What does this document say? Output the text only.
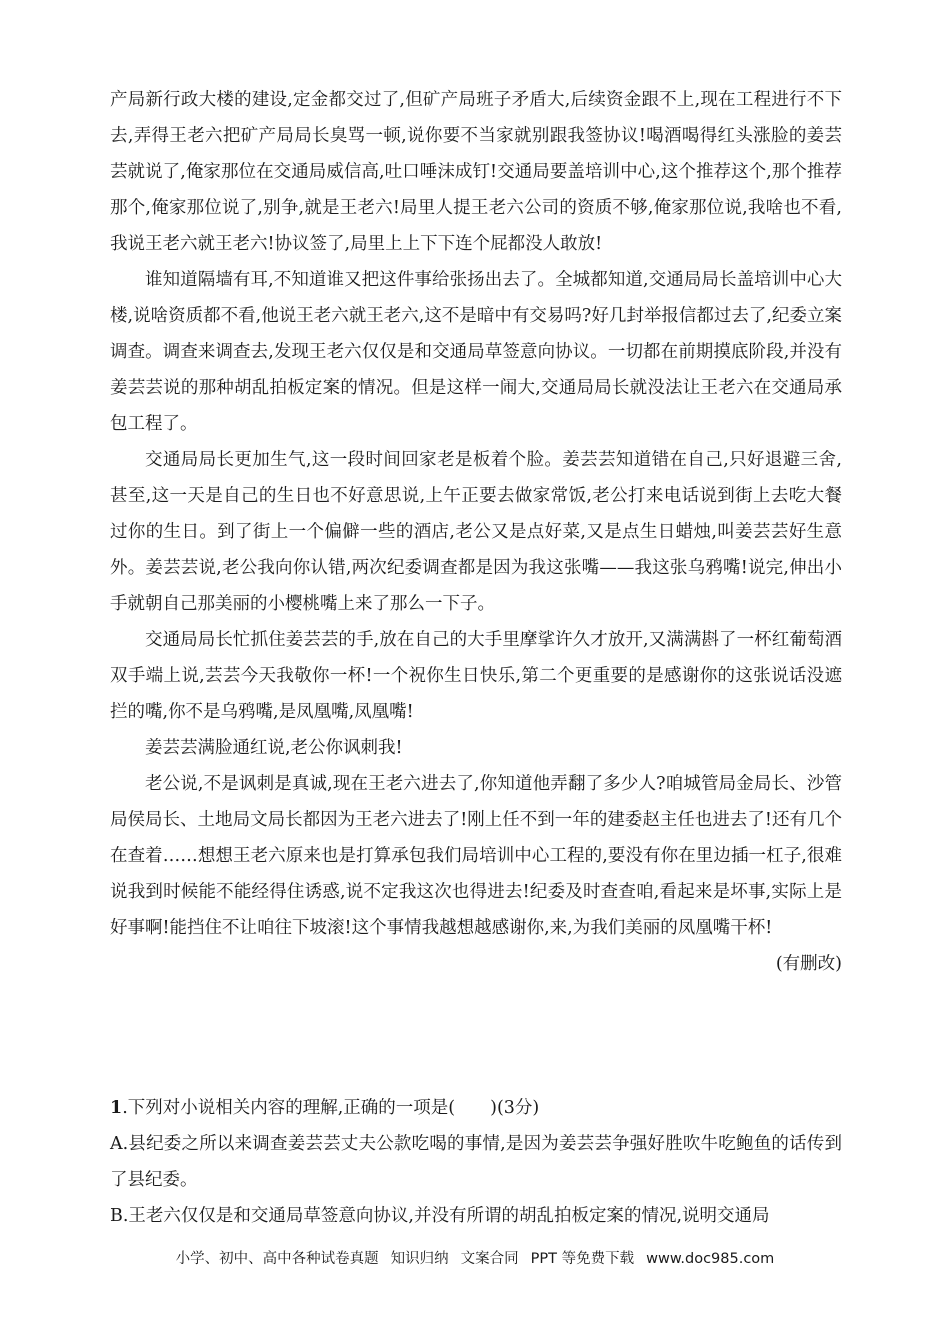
产局新行政大楼的建设,定金都交过了,但矿产局班子矛盾大,后续资金跟不上,现在工程进行不下去,弄得王老六把矿产局局长臭骂一顿,说你要不当家就别跟我签协议!喝酒喝得红头涨脸的姜芸芸就说了,俺家那位在交通局威信高,吐口唾沫成钉!交通局要盖培训中心,这个推荐这个,那个推荐那个,俺家那位说了,别争,就是王老六!局里人提王老六公司的资质不够,俺家那位说,我啥也不看,我说王老六就王老六!协议签了,局里上上下下连个屁都没人敢放!

谁知道隔墙有耳,不知道谁又把这件事给张扬出去了。全城都知道,交通局局长盖培训中心大楼,说啥资质都不看,他说王老六就王老六,这不是暗中有交易吗?好几封举报信都过去了,纪委立案调查。调查来调查去,发现王老六仅仅是和交通局草签意向协议。一切都在前期摸底阶段,并没有姜芸芸说的那种胡乱拍板定案的情况。但是这样一闹大,交通局局长就没法让王老六在交通局承包工程了。

交通局局长更加生气,这一段时间回家老是板着个脸。姜芸芸知道错在自己,只好退避三舍,甚至,这一天是自己的生日也不好意思说,上午正要去做家常饭,老公打来电话说到街上去吃大餐过你的生日。到了街上一个偏僻一些的酒店,老公又是点好菜,又是点生日蜡烛,叫姜芸芸好生意外。姜芸芸说,老公我向你认错,两次纪委调查都是因为我这张嘴——我这张乌鸦嘴!说完,伸出小手就朝自己那美丽的小樱桃嘴上来了那么一下子。

交通局局长忙抓住姜芸芸的手,放在自己的大手里摩挲许久才放开,又满满斟了一杯红葡萄酒双手端上说,芸芸今天我敬你一杯!一个祝你生日快乐,第二个更重要的是感谢你的这张说话没遮拦的嘴,你不是乌鸦嘴,是凤凰嘴,凤凰嘴!

姜芸芸满脸通红说,老公你讽刺我!

老公说,不是讽刺是真诚,现在王老六进去了,你知道他弄翻了多少人?咱城管局金局长、沙管局侯局长、土地局文局长都因为王老六进去了!刚上任不到一年的建委赵主任也进去了!还有几个在查着……想想王老六原来也是打算承包我们局培训中心工程的,要没有你在里边插一杠子,很难说我到时候能不能经得住诱惑,说不定我这次也得进去!纪委及时查查咱,看起来是坏事,实际上是好事啊!能挡住不让咱往下坡滚!这个事情我越想越感谢你,来,为我们美丽的凤凰嘴干杯!

(有删改)

1.下列对小说相关内容的理解,正确的一项是(　　)(3分)

A.县纪委之所以来调查姜芸芸丈夫公款吃喝的事情,是因为姜芸芸争强好胜吹牛吃鲍鱼的话传到了县纪委。

B.王老六仅仅是和交通局草签意向协议,并没有所谓的胡乱拍板定案的情况,说明交通局

小学、初中、高中各种试卷真题 知识归纳 文案合同 PPT 等免费下载 www.doc985.com
